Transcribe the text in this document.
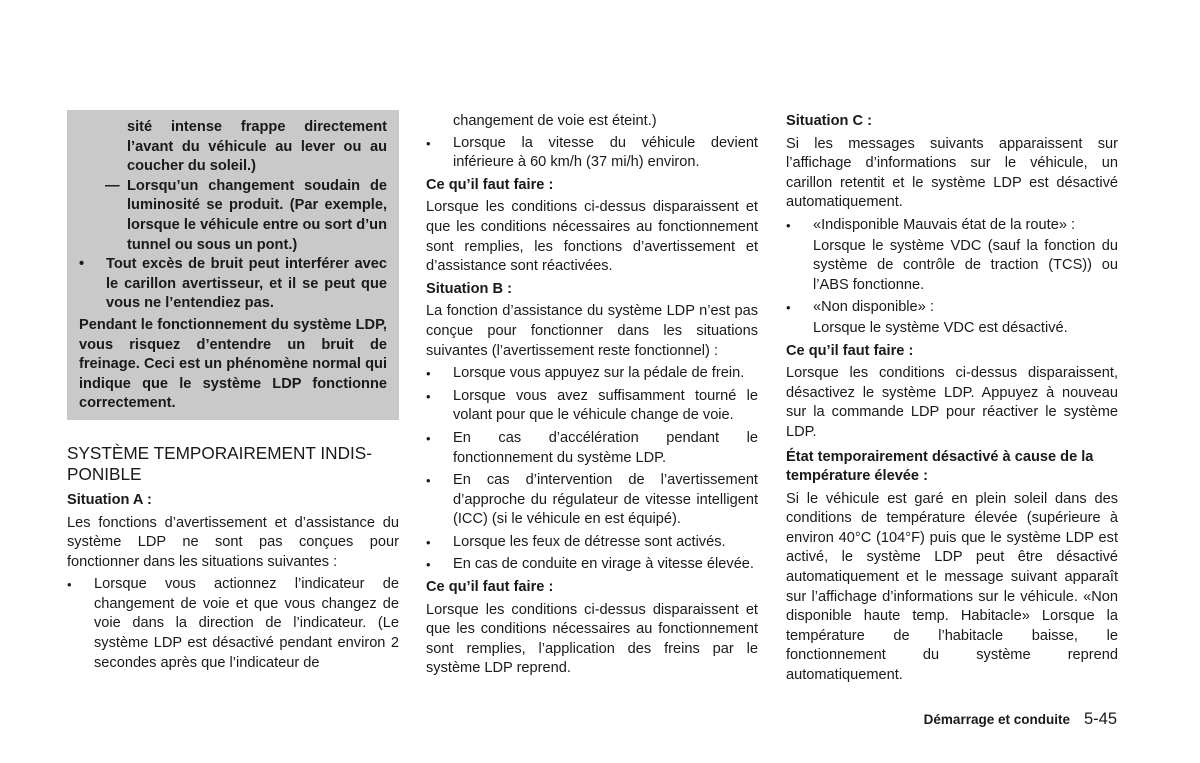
sité intense frappe directement l’avant du véhicule au lever ou au coucher du soleil.)
— Lorsqu’un changement soudain de luminosité se produit. (Par exemple, lorsque le véhicule entre ou sort d’un tunnel ou sous un pont.)
•	Tout excès de bruit peut interférer avec le carillon avertisseur, et il se peut que vous ne l’entendiez pas.
Pendant le fonctionnement du système LDP, vous risquez d’entendre un bruit de freinage. Ceci est un phénomène normal qui indique que le système LDP fonctionne correctement.
SYSTÈME TEMPORAIREMENT INDIS-PONIBLE
Situation A :

Les fonctions d’avertissement et d’assistance du système LDP ne sont pas conçues pour fonctionner dans les situations suivantes :

•	Lorsque vous actionnez l’indicateur de changement de voie et que vous changez de voie dans la direction de l’indicateur. (Le système LDP est désactivé pendant environ 2 secondes après que l’indicateur de

changement de voie est éteint.)

•	Lorsque la vitesse du véhicule devient inférieure à 60 km/h (37 mi/h) environ.
Ce qu’il faut faire :

Lorsque les conditions ci-dessus disparaissent et que les conditions nécessaires au fonctionnement sont remplies, les fonctions d’avertissement et d’assistance sont réactivées.

Situation B :

La fonction d’assistance du système LDP n’est pas conçue pour fonctionner dans les situations suivantes (l’avertissement reste fonctionnel) :

•	Lorsque vous appuyez sur la pédale de frein.
•	Lorsque vous avez suffisamment tourné le volant pour que le véhicule change de voie.
•	En cas d’accélération pendant le fonctionnement du système LDP.
•	En cas d’intervention de l’avertissement d’approche du régulateur de vitesse intelligent (ICC) (si le véhicule en est équipé).
•	Lorsque les feux de détresse sont activés.
•	En cas de conduite en virage à vitesse élevée.
Ce qu’il faut faire :

Lorsque les conditions ci-dessus disparaissent et que les conditions nécessaires au fonctionnement sont remplies, l’application des freins par le système LDP reprend.

Situation C :

Si les messages suivants apparaissent sur l’affichage d’informations sur le véhicule, un carillon retentit et le système LDP est désactivé automatiquement.

•	«Indisponible Mauvais état de la route» :

Lorsque le système VDC (sauf la fonction du système de contrôle de traction (TCS)) ou l’ABS fonctionne.

•	«Non disponible» :

Lorsque le système VDC est désactivé.

Ce qu’il faut faire :

Lorsque les conditions ci-dessus disparaissent, désactivez le système LDP. Appuyez à nouveau sur la commande LDP pour réactiver le système LDP.

État temporairement désactivé à cause de la température élevée :

Si le véhicule est garé en plein soleil dans des conditions de température élevée (supérieure à environ 40°C (104°F) puis que le système LDP est activé, le système LDP peut être désactivé automatiquement et le message suivant apparaît sur l’affichage d’informations sur le véhicule. «Non disponible haute temp. Habitacle» Lorsque la température de l’habitacle baisse, le fonctionnement du système reprend automatiquement.

Démarrage et conduite 5-45
